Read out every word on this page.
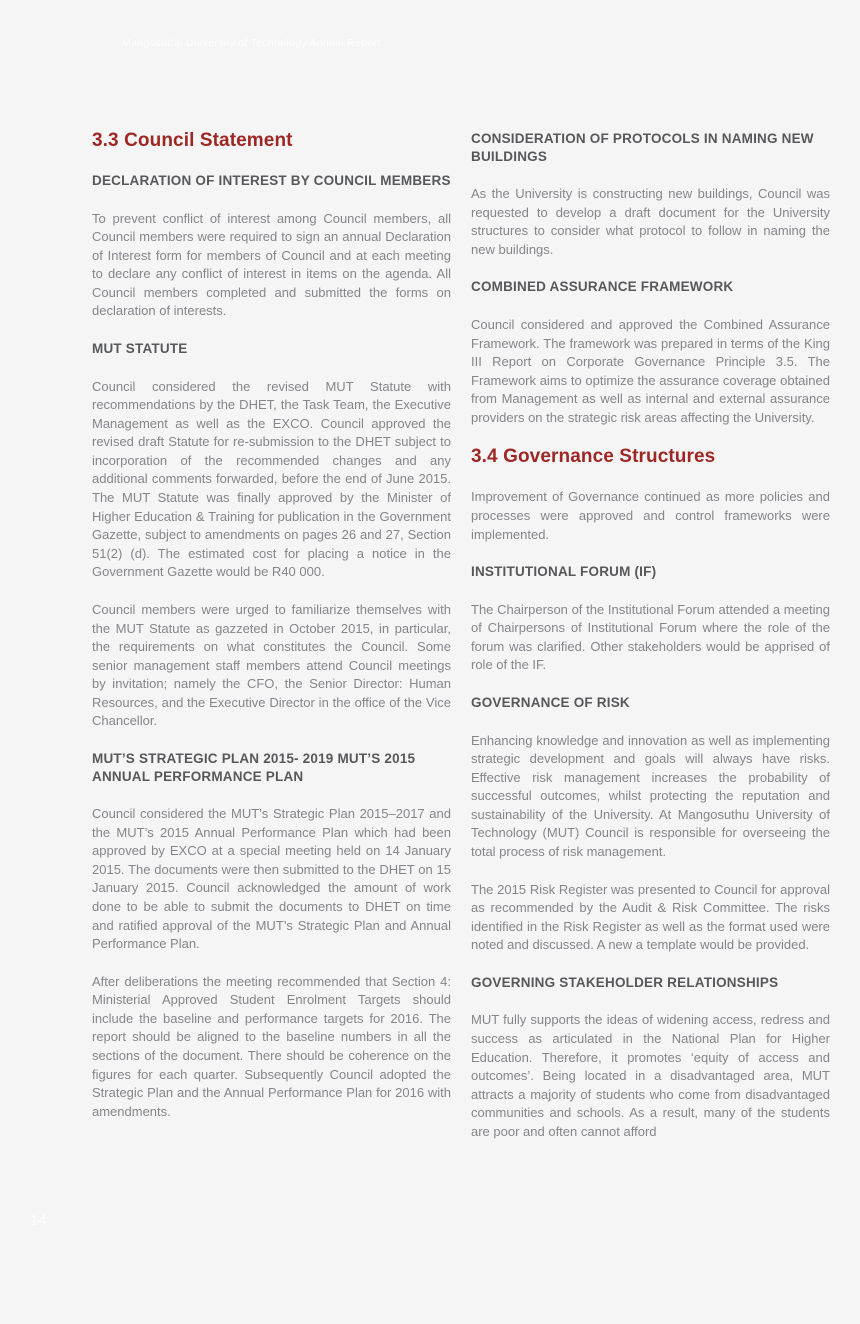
Mangosuthu University of Technology Annual Report
3.3 Council Statement
DECLARATION OF INTEREST BY COUNCIL MEMBERS

To prevent conflict of interest among Council members, all Council members were required to sign an annual Declaration of Interest form for members of Council and at each meeting to declare any conflict of interest in items on the agenda. All Council members completed and submitted the forms on declaration of interests.

MUT STATUTE

Council considered the revised MUT Statute with recommendations by the DHET, the Task Team, the Executive Management as well as the EXCO. Council approved the revised draft Statute for re-submission to the DHET subject to incorporation of the recommended changes and any additional comments forwarded, before the end of June 2015. The MUT Statute was finally approved by the Minister of Higher Education & Training for publication in the Government Gazette, subject to amendments on pages 26 and 27, Section 51(2) (d). The estimated cost for placing a notice in the Government Gazette would be R40 000.

Council members were urged to familiarize themselves with the MUT Statute as gazzeted in October 2015, in particular, the requirements on what constitutes the Council. Some senior management staff members attend Council meetings by invitation; namely the CFO, the Senior Director: Human Resources, and the Executive Director in the office of the Vice Chancellor.

MUT’S STRATEGIC PLAN 2015- 2019 MUT’S 2015 ANNUAL PERFORMANCE PLAN

Council considered the MUT’s Strategic Plan 2015–2017 and the MUT’s 2015 Annual Performance Plan which had been approved by EXCO at a special meeting held on 14 January 2015. The documents were then submitted to the DHET on 15 January 2015. Council acknowledged the amount of work done to be able to submit the documents to DHET on time and ratified approval of the MUT’s Strategic Plan and Annual Performance Plan.

After deliberations the meeting recommended that Section 4: Ministerial Approved Student Enrolment Targets should include the baseline and performance targets for 2016. The report should be aligned to the baseline numbers in all the sections of the document. There should be coherence on the figures for each quarter. Subsequently Council adopted the Strategic Plan and the Annual Performance Plan for 2016 with amendments.

CONSIDERATION OF PROTOCOLS IN NAMING NEW BUILDINGS

As the University is constructing new buildings, Council was requested to develop a draft document for the University structures to consider what protocol to follow in naming the new buildings.

COMBINED ASSURANCE FRAMEWORK

Council considered and approved the Combined Assurance Framework. The framework was prepared in terms of the King III Report on Corporate Governance Principle 3.5. The Framework aims to optimize the assurance coverage obtained from Management as well as internal and external assurance providers on the strategic risk areas affecting the University.

3.4 Governance Structures

Improvement of Governance continued as more policies and processes were approved and control frameworks were implemented.

INSTITUTIONAL FORUM (IF)

The Chairperson of the Institutional Forum attended a meeting of Chairpersons of Institutional Forum where the role of the forum was clarified. Other stakeholders would be apprised of role of the IF.

GOVERNANCE OF RISK

Enhancing knowledge and innovation as well as implementing strategic development and goals will always have risks. Effective risk management increases the probability of successful outcomes, whilst protecting the reputation and sustainability of the University. At Mangosuthu University of Technology (MUT) Council is responsible for overseeing the total process of risk management.

The 2015 Risk Register was presented to Council for approval as recommended by the Audit & Risk Committee. The risks identified in the Risk Register as well as the format used were noted and discussed. A new a template would be provided.

GOVERNING STAKEHOLDER RELATIONSHIPS

MUT fully supports the ideas of widening access, redress and success as articulated in the National Plan for Higher Education. Therefore, it promotes ‘equity of access and outcomes’. Being located in a disadvantaged area, MUT attracts a majority of students who come from disadvantaged communities and schools. As a result, many of the students are poor and often cannot afford

14
